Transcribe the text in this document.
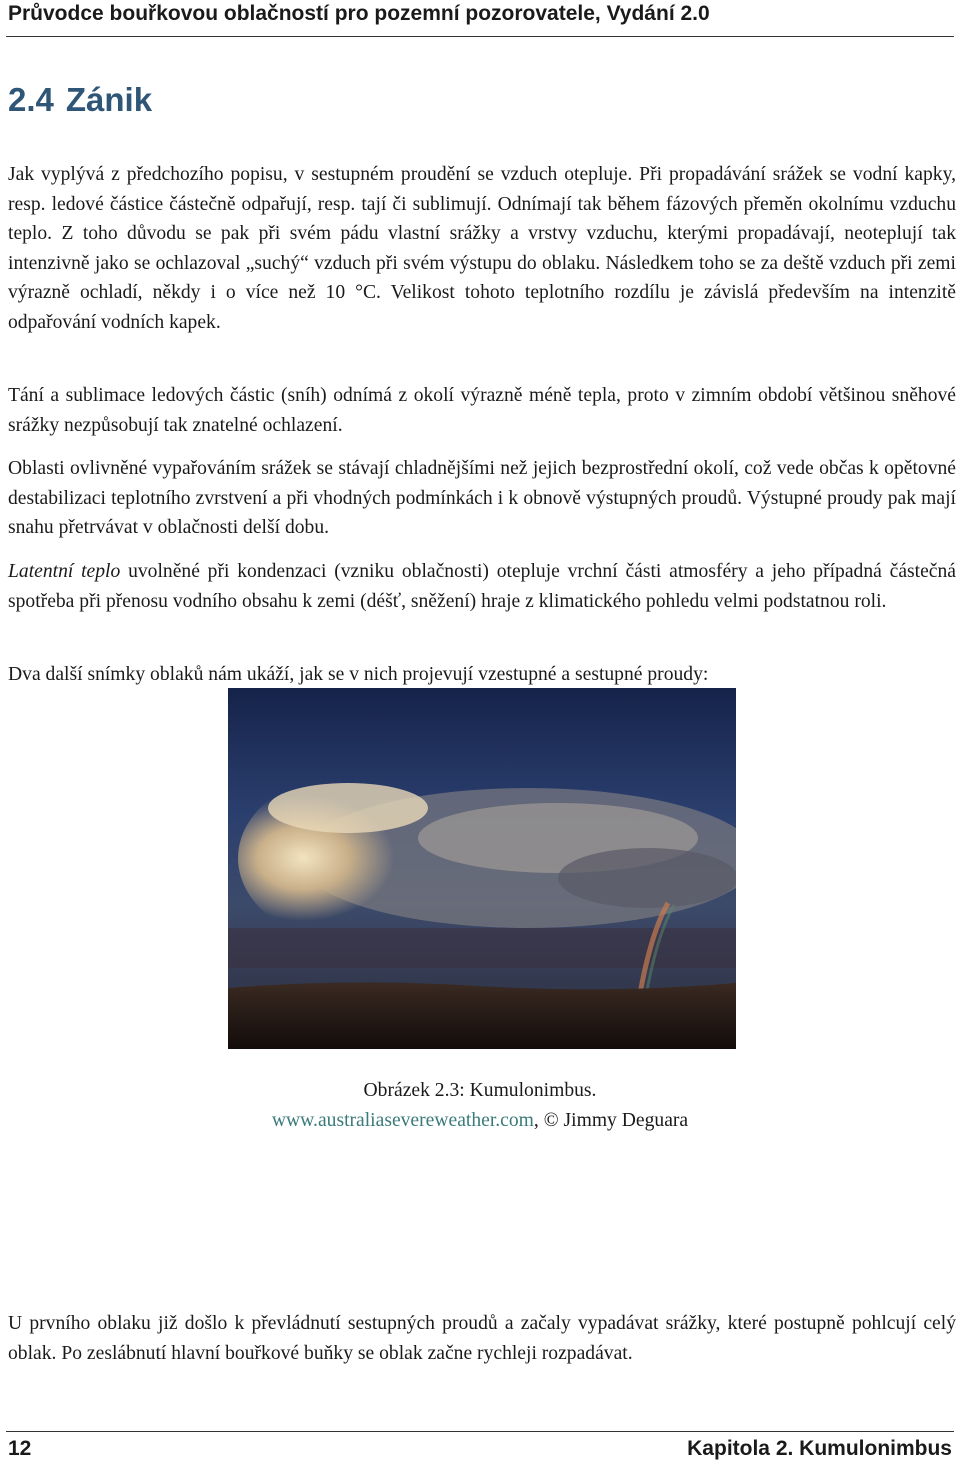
Průvodce bouřkovou oblačností pro pozemní pozorovatele, Vydání 2.0
2.4 Zánik

Jak vyplývá z předchozího popisu, v sestupném proudění se vzduch otepluje. Při propadávání srážek se vodní kapky, resp. ledové částice částečně odpařují, resp. tají či sublimují. Odnímají tak během fázových přeměn okolnímu vzduchu teplo. Z toho důvodu se pak při svém pádu vlastní srážky a vrstvy vzduchu, kterými propadávají, neoteplují tak intenzivně jako se ochlazoval „suchý“ vzduch při svém výstupu do oblaku. Následkem toho se za deště vzduch při zemi výrazně ochladí, někdy i o více než 10 °C. Velikost tohoto teplotního rozdílu je závislá především na intenzitě odpařování vodních kapek.

Tání a sublimace ledových částic (sníh) odnímá z okolí výrazně méně tepla, proto v zimním období většinou sněhové srážky nezpůsobují tak znatelné ochlazení.

Oblasti ovlivněné vypařováním srážek se stávají chladnějšími než jejich bezprostřední okolí, což vede občas k opětovné destabilizaci teplotního zvrstvení a při vhodných podmínkách i k obnově výstupných proudů. Výstupné proudy pak mají snahu přetrvávat v oblačnosti delší dobu.

Latentní teplo uvolněné při kondenzaci (vzniku oblačnosti) otepluje vrchní části atmosféry a jeho případná částečná spotřeba při přenosu vodního obsahu k zemi (déšť, sněžení) hraje z klimatického pohledu velmi podstatnou roli.

Dva další snímky oblaků nám ukáží, jak se v nich projevují vzestupné a sestupné proudy:

Obrázek 2.3: Kumulonimbus.
www.australiasevereweather.com, © Jimmy Deguara

U prvního oblaku již došlo k převládnutí sestupných proudů a začaly vypadávat srážky, které postupně pohlcují celý oblak. Po zeslábnutí hlavní bouřkové buňky se oblak začne rychleji rozpadávat.

12	Kapitola 2. Kumulonimbus
